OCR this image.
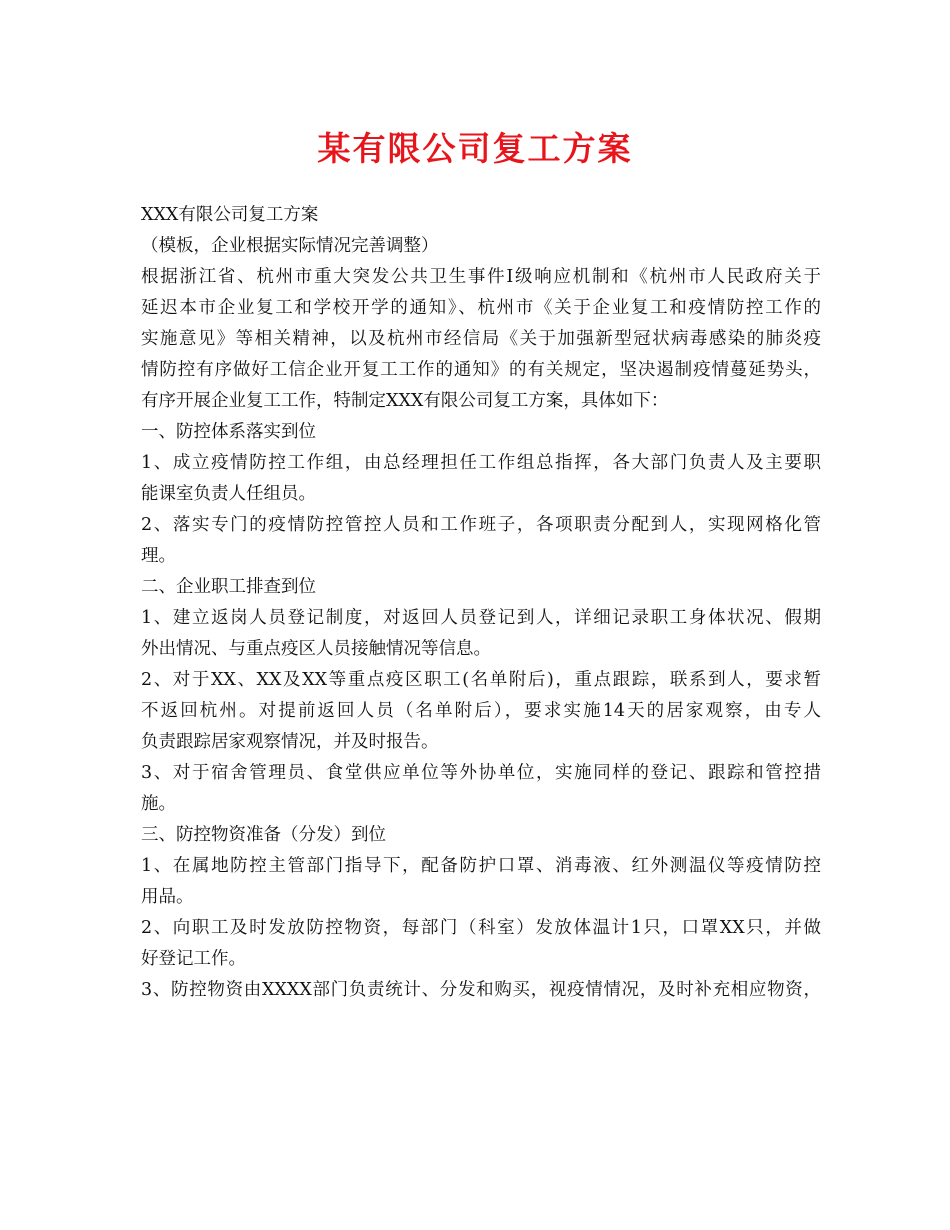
某有限公司复工方案
XXX有限公司复工方案
（模板，企业根据实际情况完善调整）
根据浙江省、杭州市重大突发公共卫生事件Ⅰ级响应机制和《杭州市人民政府关于
延迟本市企业复工和学校开学的通知》、杭州市《关于企业复工和疫情防控工作的
实施意见》等相关精神，以及杭州市经信局《关于加强新型冠状病毒感染的肺炎疫
情防控有序做好工信企业开复工工作的通知》的有关规定，坚决遏制疫情蔓延势头，
有序开展企业复工工作，特制定XXX有限公司复工方案，具体如下：
一、防控体系落实到位
1、成立疫情防控工作组，由总经理担任工作组总指挥，各大部门负责人及主要职
能课室负责人任组员。
2、落实专门的疫情防控管控人员和工作班子，各项职责分配到人，实现网格化管
理。
二、企业职工排查到位
1、建立返岗人员登记制度，对返回人员登记到人，详细记录职工身体状况、假期
外出情况、与重点疫区人员接触情况等信息。
2、对于XX、XX及XX等重点疫区职工(名单附后)，重点跟踪，联系到人，要求暂
不返回杭州。对提前返回人员（名单附后），要求实施14天的居家观察，由专人
负责跟踪居家观察情况，并及时报告。
3、对于宿舍管理员、食堂供应单位等外协单位，实施同样的登记、跟踪和管控措
施。
三、防控物资准备（分发）到位
1、在属地防控主管部门指导下，配备防护口罩、消毒液、红外测温仪等疫情防控
用品。
2、向职工及时发放防控物资，每部门（科室）发放体温计1只，口罩XX只，并做
好登记工作。
3、防控物资由XXXX部门负责统计、分发和购买，视疫情情况，及时补充相应物资，
